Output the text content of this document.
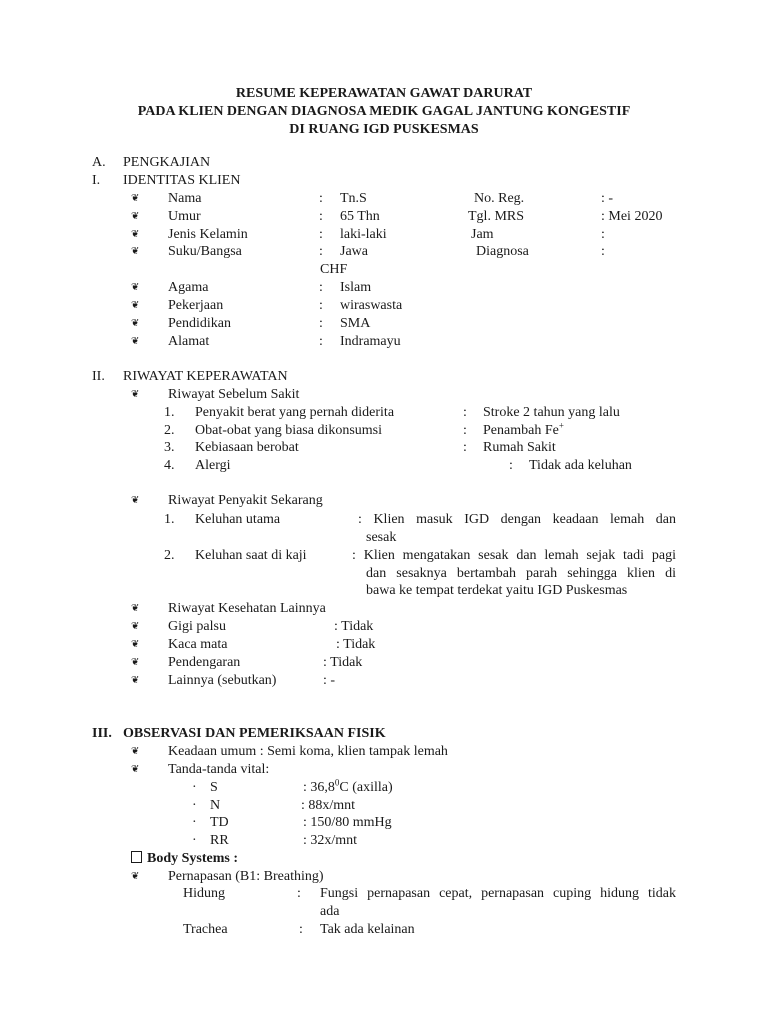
RESUME KEPERAWATAN GAWAT DARURAT
PADA KLIEN DENGAN DIAGNOSA MEDIK GAGAL JANTUNG KONGESTIF
DI RUANG IGD PUSKESMAS
A. PENGKAJIAN
I. IDENTITAS KLIEN
❦ Nama	: Tn.S	No. Reg.	: -
❦ Umur	: 65 Thn	Tgl. MRS	: Mei 2020
❦ Jenis Kelamin	: laki-laki	Jam	:
❦ Suku/Bangsa	: Jawa	Diagnosa	:
CHF
❦ Agama	: Islam
❦ Pekerjaan	: wiraswasta
❦ Pendidikan	: SMA
❦ Alamat	: Indramayu
II. RIWAYAT KEPERAWATAN
❦ Riwayat Sebelum Sakit
1. Penyakit berat yang pernah diderita	: Stroke 2 tahun yang lalu
2. Obat-obat yang biasa dikonsumsi	: Penambah Fe+
3. Kebiasaan berobat	: Rumah Sakit
4. Alergi	: Tidak ada keluhan
❦ Riwayat Penyakit Sekarang
1. Keluhan utama	: Klien masuk IGD dengan keadaan lemah dan
sesak
2. Keluhan saat di kaji	: Klien mengatakan sesak dan lemah sejak tadi pagi
dan sesaknya bertambah parah sehingga klien di
bawa ke tempat terdekat yaitu IGD Puskesmas
❦ Riwayat Kesehatan Lainnya
❦ Gigi palsu	: Tidak
❦ Kaca mata	: Tidak
❦ Pendengaran	: Tidak
❦ Lainnya (sebutkan)	: -
III. OBSERVASI DAN PEMERIKSAAN FISIK
❦ Keadaan umum : Semi koma, klien tampak lemah
❦ Tanda-tanda vital:
· S	: 36,8$^0$C (axilla)
· N	: 88x/mnt
· TD	: 150/80 mmHg
· RR	: 32x/mnt
Body Systems :
❦ Pernapasan (B1: Breathing)
Hidung	: Fungsi pernapasan cepat, pernapasan cuping hidung tidak
ada
Trachea	: Tak ada kelainan
